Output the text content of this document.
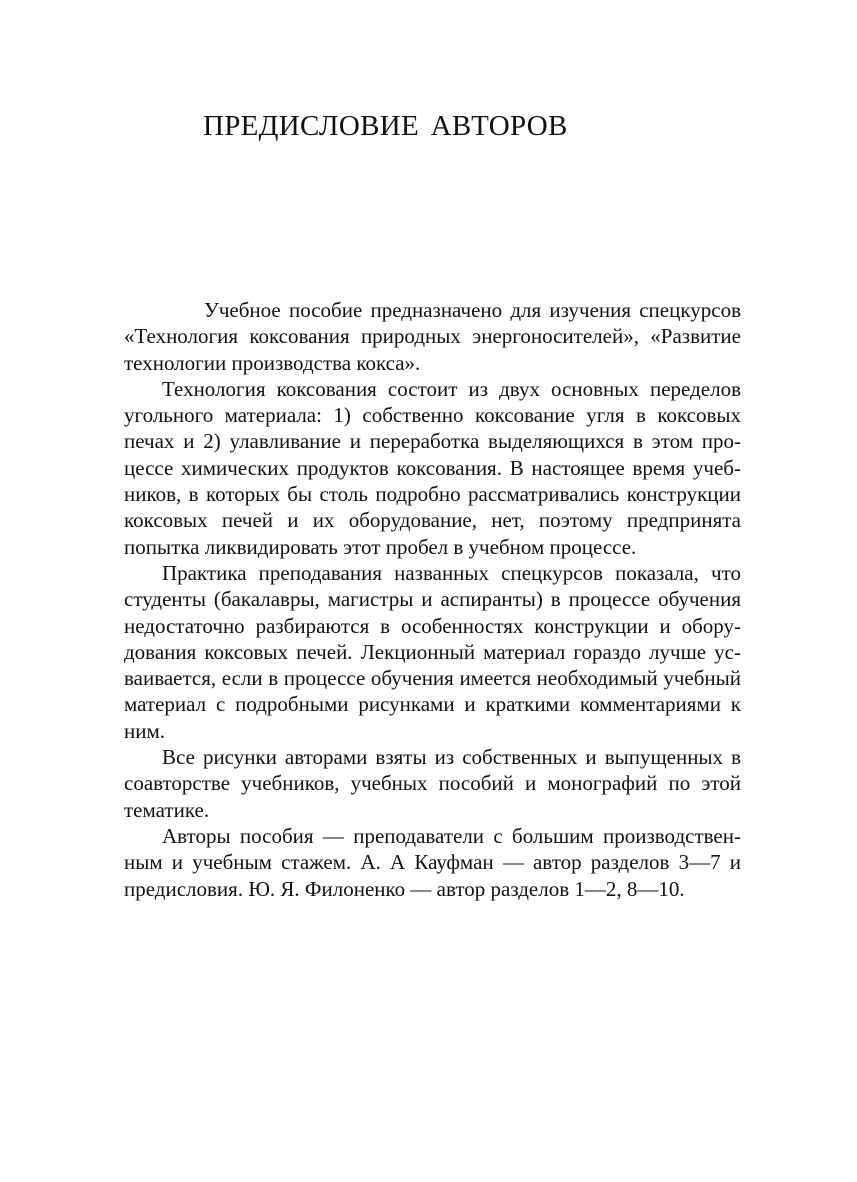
ПРЕДИСЛОВИЕ АВТОРОВ

Учебное пособие предназначено для изучения спецкурсов «Технология коксования природных энергоносителей», «Развитие технологии производства кокса».

Технология коксования состоит из двух основных переделов угольного материала: 1) собственно коксование угля в коксовых печах и 2) улавливание и переработка выделяющихся в этом процессе химических продуктов коксования. В настоящее время учебников, в которых бы столь подробно рассматривались конструкции коксовых печей и их оборудование, нет, поэтому предпринята попытка ликвидировать этот пробел в учебном процессе.

Практика преподавания названных спецкурсов показала, что студенты (бакалавры, магистры и аспиранты) в процессе обучения недостаточно разбираются в особенностях конструкции и оборудования коксовых печей. Лекционный материал гораздо лучше усваивается, если в процессе обучения имеется необходимый учебный материал с подробными рисунками и краткими комментариями к ним.

Все рисунки авторами взяты из собственных и выпущенных в соавторстве учебников, учебных пособий и монографий по этой тематике.

Авторы пособия — преподаватели с большим производственным и учебным стажем. А. А Кауфман — автор разделов 3—7 и предисловия. Ю. Я. Филоненко — автор разделов 1—2, 8—10.
